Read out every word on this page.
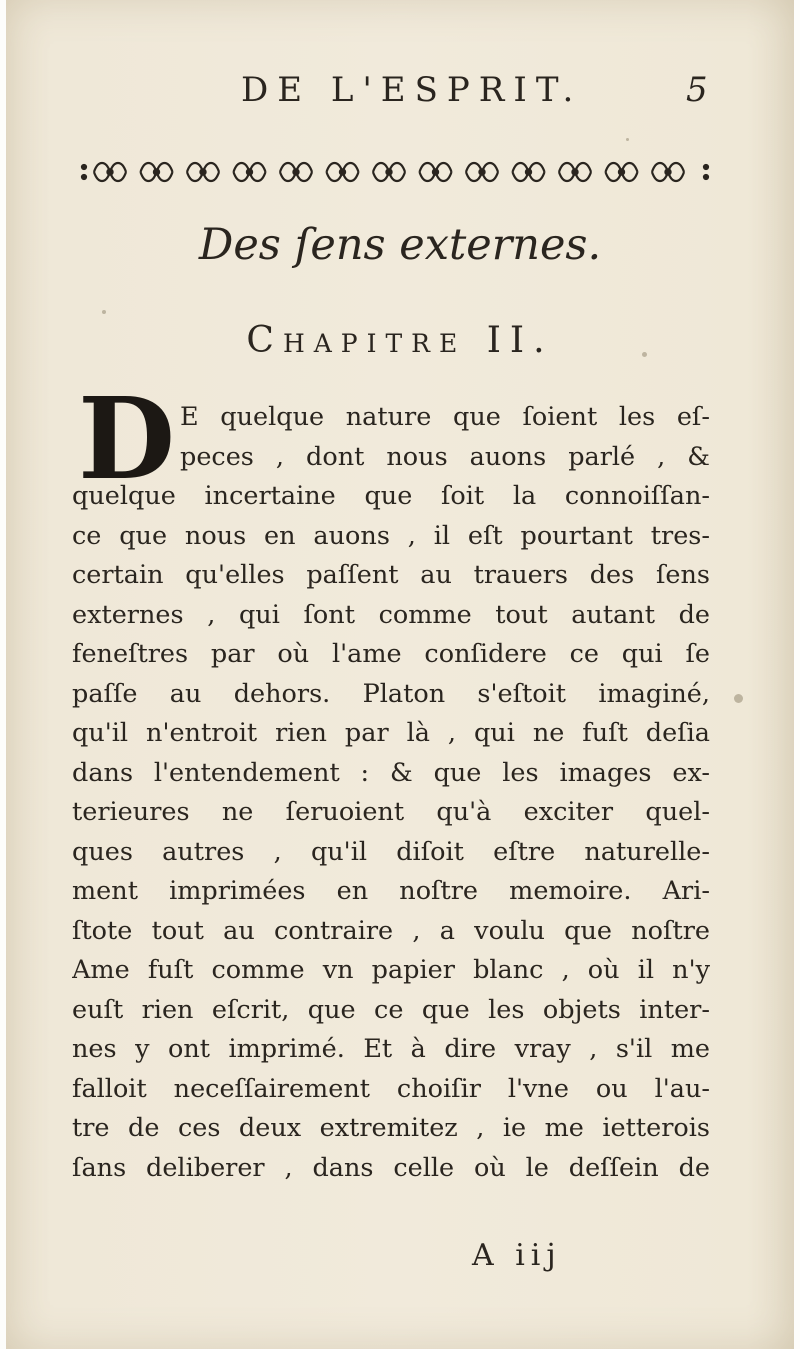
DE L'ESPRIT.	5
Des ſens externes.
Chapitre II.
D E quelque nature que ſoient les eſ-
peces , dont nous auons parlé , &
quelque incertaine que ſoit la connoiſſan-
ce que nous en auons , il eſt pourtant tres-
certain qu'elles paſſent au trauers des ſens
externes , qui ſont comme tout autant de
feneſtres par où l'ame conſidere ce qui ſe
paſſe au dehors. Platon s'eſtoit imaginé,
qu'il n'entroit rien par là , qui ne fuſt deſia
dans l'entendement : & que les images ex-
terieures ne ſeruoient qu'à exciter quel-
ques autres , qu'il diſoit eſtre naturelle-
ment imprimées en noſtre memoire. Ari-
ſtote tout au contraire , a voulu que noſtre
Ame fuſt comme vn papier blanc , où il n'y
euſt rien eſcrit, que ce que les objets inter-
nes y ont imprimé. Et à dire vray , s'il me
falloit neceſſairement choiſir l'vne ou l'au-
tre de ces deux extremitez , ie me ietterois
ſans deliberer , dans celle où le deſſein de
A iij
